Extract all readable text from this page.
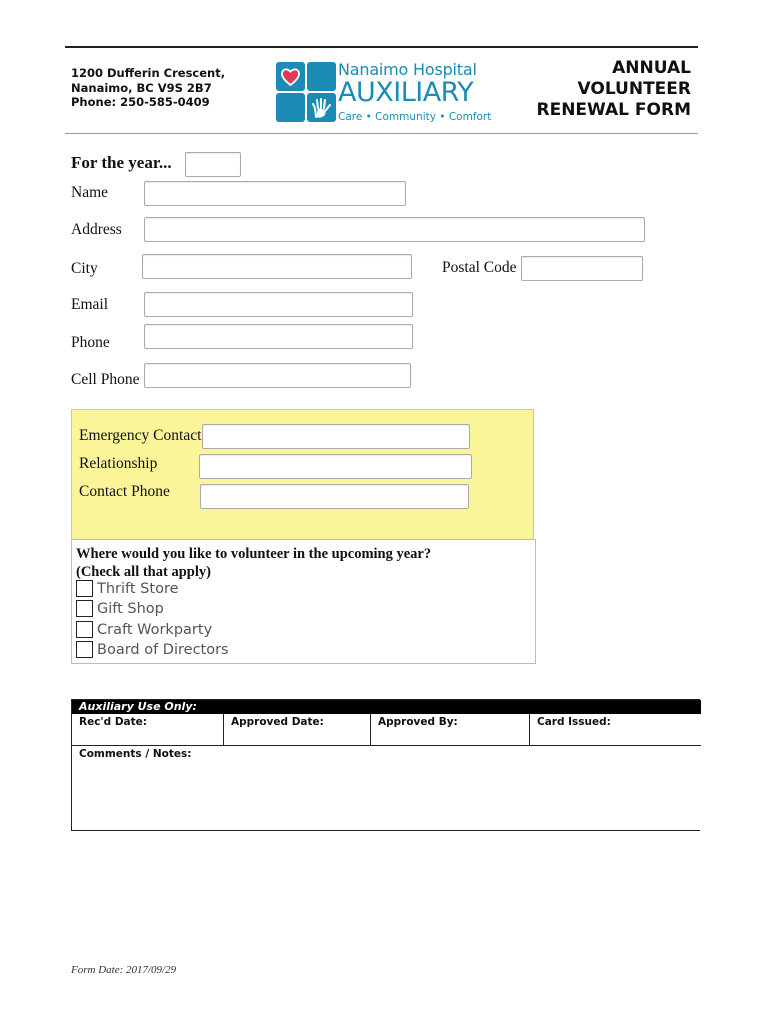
1200 Dufferin Crescent,
Nanaimo, BC V9S 2B7
Phone: 250-585-0409
Nanaimo Hospital
AUXILIARY
Care • Community • Comfort
ANNUAL
VOLUNTEER
RENEWAL FORM
For the year...
Name
Address
City	Postal Code
Email
Phone
Cell Phone
Emergency Contact
Relationship
Contact Phone
Where would you like to volunteer in the upcoming year?
(Check all that apply)
Thrift Store
Gift Shop
Craft Workparty
Board of Directors
Auxiliary Use Only:
Rec'd Date:	Approved Date:	Approved By:	Card Issued:
Comments / Notes:
Form Date: 2017/09/29
